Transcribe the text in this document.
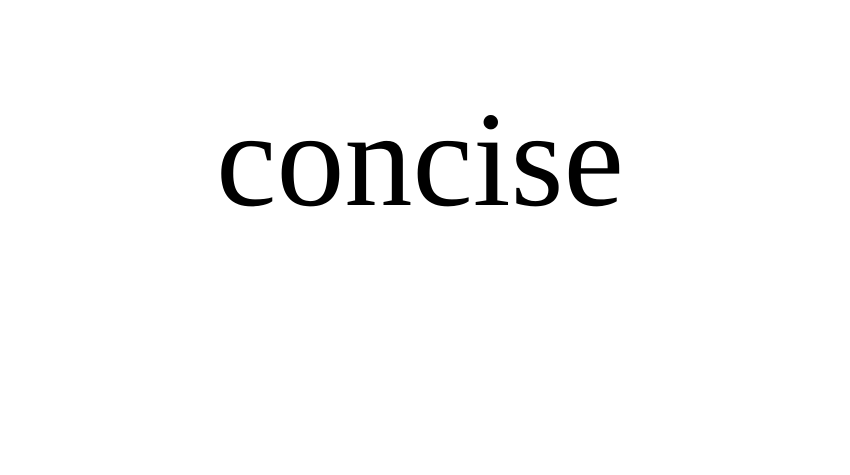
concise
